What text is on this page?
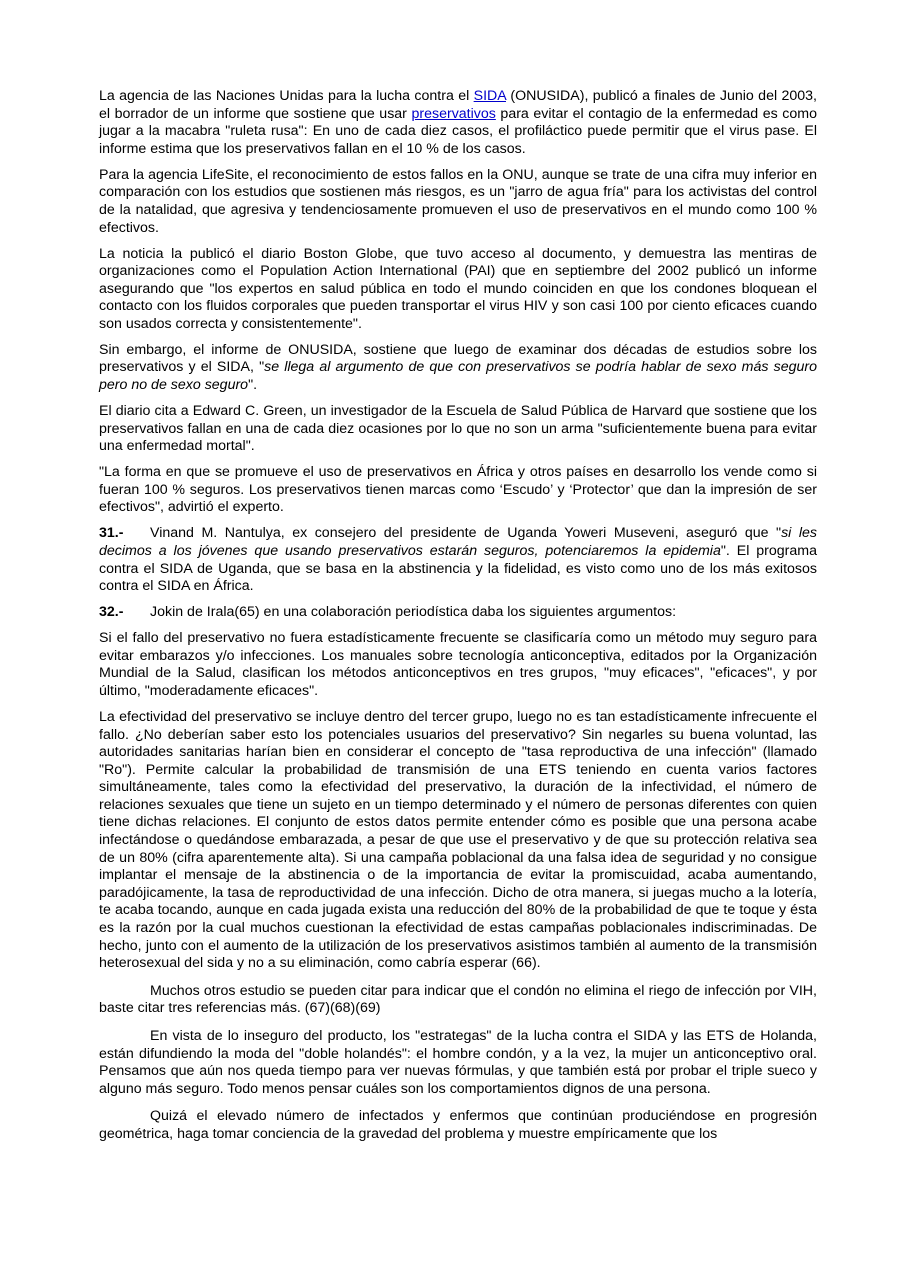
La agencia de las Naciones Unidas para la lucha contra el SIDA (ONUSIDA), publicó a finales de Junio del 2003, el borrador de un informe que sostiene que usar preservativos para evitar el contagio de la enfermedad es como jugar a la macabra "ruleta rusa": En uno de cada diez casos, el profiláctico puede permitir que el virus pase. El informe estima que los preservativos fallan en el 10 % de los casos.

Para la agencia LifeSite, el reconocimiento de estos fallos en la ONU, aunque se trate de una cifra muy inferior en comparación con los estudios que sostienen más riesgos, es un "jarro de agua fría" para los activistas del control de la natalidad, que agresiva y tendenciosamente promueven el uso de preservativos en el mundo como 100 % efectivos.

La noticia la publicó el diario Boston Globe, que tuvo acceso al documento, y demuestra las mentiras de organizaciones como el Population Action International (PAI) que en septiembre del 2002 publicó un informe asegurando que "los expertos en salud pública en todo el mundo coinciden en que los condones bloquean el contacto con los fluidos corporales que pueden transportar el virus HIV y son casi 100 por ciento eficaces cuando son usados correcta y consistentemente".

Sin embargo, el informe de ONUSIDA, sostiene que luego de examinar dos décadas de estudios sobre los preservativos y el SIDA, "se llega al argumento de que con preservativos se podría hablar de sexo más seguro pero no de sexo seguro".

El diario cita a Edward C. Green, un investigador de la Escuela de Salud Pública de Harvard que sostiene que los preservativos fallan en una de cada diez ocasiones por lo que no son un arma "suficientemente buena para evitar una enfermedad mortal".

"La forma en que se promueve el uso de preservativos en África y otros países en desarrollo los vende como si fueran 100 % seguros. Los preservativos tienen marcas como ‘Escudo’ y ‘Protector’ que dan la impresión de ser efectivos", advirtió el experto.

31.- Vinand M. Nantulya, ex consejero del presidente de Uganda Yoweri Museveni, aseguró que "si les decimos a los jóvenes que usando preservativos estarán seguros, potenciaremos la epidemia". El programa contra el SIDA de Uganda, que se basa en la abstinencia y la fidelidad, es visto como uno de los más exitosos contra el SIDA en África.

32.- Jokin de Irala(65) en una colaboración periodística daba los siguientes argumentos:

Si el fallo del preservativo no fuera estadísticamente frecuente se clasificaría como un método muy seguro para evitar embarazos y/o infecciones. Los manuales sobre tecnología anticonceptiva, editados por la Organización Mundial de la Salud, clasifican los métodos anticonceptivos en tres grupos, "muy eficaces", "eficaces", y por último, "moderadamente eficaces".

La efectividad del preservativo se incluye dentro del tercer grupo, luego no es tan estadísticamente infrecuente el fallo. ¿No deberían saber esto los potenciales usuarios del preservativo? Sin negarles su buena voluntad, las autoridades sanitarias harían bien en considerar el concepto de "tasa reproductiva de una infección" (llamado "Ro"). Permite calcular la probabilidad de transmisión de una ETS teniendo en cuenta varios factores simultáneamente, tales como la efectividad del preservativo, la duración de la infectividad, el número de relaciones sexuales que tiene un sujeto en un tiempo determinado y el número de personas diferentes con quien tiene dichas relaciones. El conjunto de estos datos permite entender cómo es posible que una persona acabe infectándose o quedándose embarazada, a pesar de que use el preservativo y de que su protección relativa sea de un 80% (cifra aparentemente alta). Si una campaña poblacional da una falsa idea de seguridad y no consigue implantar el mensaje de la abstinencia o de la importancia de evitar la promiscuidad, acaba aumentando, paradójicamente, la tasa de reproductividad de una infección. Dicho de otra manera, si juegas mucho a la lotería, te acaba tocando, aunque en cada jugada exista una reducción del 80% de la probabilidad de que te toque y ésta es la razón por la cual muchos cuestionan la efectividad de estas campañas poblacionales indiscriminadas. De hecho, junto con el aumento de la utilización de los preservativos asistimos también al aumento de la transmisión heterosexual del sida y no a su eliminación, como cabría esperar (66).

Muchos otros estudio se pueden citar para indicar que el condón no elimina el riego de infección por VIH, baste citar tres referencias más. (67)(68)(69)

En vista de lo inseguro del producto, los "estrategas" de la lucha contra el SIDA y las ETS de Holanda, están difundiendo la moda del "doble holandés": el hombre condón, y a la vez, la mujer un anticonceptivo oral. Pensamos que aún nos queda tiempo para ver nuevas fórmulas, y que también está por probar el triple sueco y alguno más seguro. Todo menos pensar cuáles son los comportamientos dignos de una persona.

Quizá el elevado número de infectados y enfermos que continúan produciéndose en progresión geométrica, haga tomar conciencia de la gravedad del problema y muestre empíricamente que los
